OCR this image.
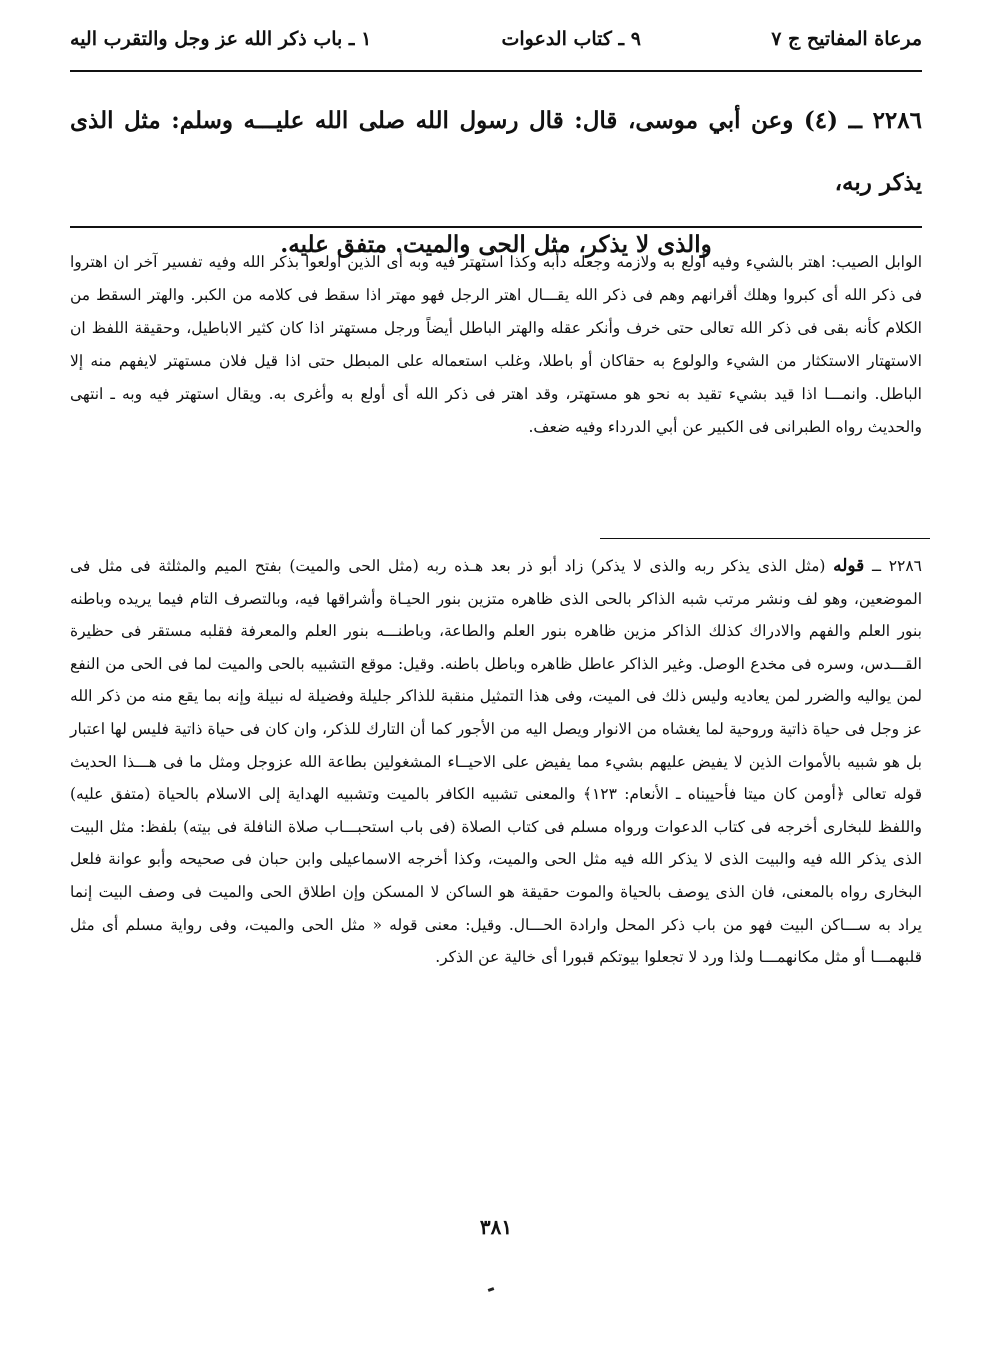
مرعاة المفاتيح ج ٧
٩ ـ كتاب الدعوات
١ ـ باب ذكر الله عز وجل والتقرب اليه
٢٢٨٦ ــ (٤) وعن أبي موسى، قال: قال رسول الله صلى الله عليـــه وسلم: مثل الذى يذكر ربه،
والذى لا يذكر، مثل الحى والميت. متفق عليه.
الوابل الصيب: اهتر بالشيء وفيه أولع به ولازمه وجعله دأبه وكذا استهتر فيه وبه أى الذين أولعوا بذكر الله وفيه تفسير آخر ان اهتروا فى ذكر الله أى كبروا وهلك أقرانهم وهم فى ذكر الله يقـــال اهتر الرجل فهو مهتر اذا سقط فى كلامه من الكبر. والهتر السقط من الكلام كأنه بقى فى ذكر الله تعالى حتى خرف وأنكر عقله والهتر الباطل أيضاً ورجل مستهتر اذا كان كثير الاباطيل، وحقيقة اللفظ ان الاستهتار الاستكثار من الشيء والولوع به حقاكان أو باطلا، وغلب استعماله على المبطل حتى اذا قيل فلان مستهتر لايفهم منه إلا الباطل. وانمـــا اذا قيد بشيء تقيد به نحو هو مستهتر، وقد اهتر فى ذكر الله أى أولع به وأغرى به. ويقال استهتر فيه وبه ـ انتهى والحديث رواه الطبرانى فى الكبير عن أبي الدرداء وفيه ضعف.
٢٢٨٦ ــ قوله (مثل الذى يذكر ربه والذى لا يذكر) زاد أبو ذر بعد هـذه ربه (مثل الحى والميت) بفتح الميم والمثلثة فى مثل فى الموضعين، وهو لف ونشر مرتب شبه الذاكر بالحى الذى ظاهره متزين بنور الحيـاة وأشراقها فيه، وبالتصرف التام فيما يريده وباطنه بنور العلم والفهم والادراك كذلك الذاكر مزين ظاهره بنور العلم والطاعة، وباطنـــه بنور العلم والمعرفة فقلبه مستقر فى حظيرة القـــدس، وسره فى مخدع الوصل. وغير الذاكر عاطل ظاهره وباطل باطنه. وقيل: موقع التشبيه بالحى والميت لما فى الحى من النفع لمن يواليه والضرر لمن يعاديه وليس ذلك فى الميت، وفى هذا التمثيل منقبة للذاكر جليلة وفضيلة له نبيلة وإنه بما يقع منه من ذكر الله عز وجل فى حياة ذاتية وروحية لما يغشاه من الانوار ويصل اليه من الأجور كما أن التارك للذكر، وان كان فى حياة ذاتية فليس لها اعتبار بل هو شبيه بالأموات الذين لا يفيض عليهم بشيء مما يفيض على الاحيــاء المشغولين بطاعة الله عزوجل ومثل ما فى هـــذا الحديث قوله تعالى ﴿أومن كان ميتا فأحييناه ـ الأنعام: ١٢٣﴾ والمعنى تشبيه الكافر بالميت وتشبيه الهداية إلى الاسلام بالحياة (متفق عليه) واللفظ للبخارى أخرجه فى كتاب الدعوات ورواه مسلم فى كتاب الصلاة (فى باب استحبـــاب صلاة النافلة فى بيته) بلفظ: مثل البيت الذى يذكر الله فيه والبيت الذى لا يذكر الله فيه مثل الحى والميت، وكذا أخرجه الاسماعيلى وابن حبان فى صحيحه وأبو عوانة فلعل البخارى رواه بالمعنى، فان الذى يوصف بالحياة والموت حقيقة هو الساكن لا المسكن وإن اطلاق الحى والميت فى وصف البيت إنما يراد به ســـاكن البيت فهو من باب ذكر المحل وارادة الحـــال. وقيل: معنى قوله « مثل الحى والميت، وفى رواية مسلم أى مثل قلبهمـــا أو مثل مكانهمـــا ولذا ورد لا تجعلوا بيوتكم قبورا أى خالية عن الذكر.
٣٨١
